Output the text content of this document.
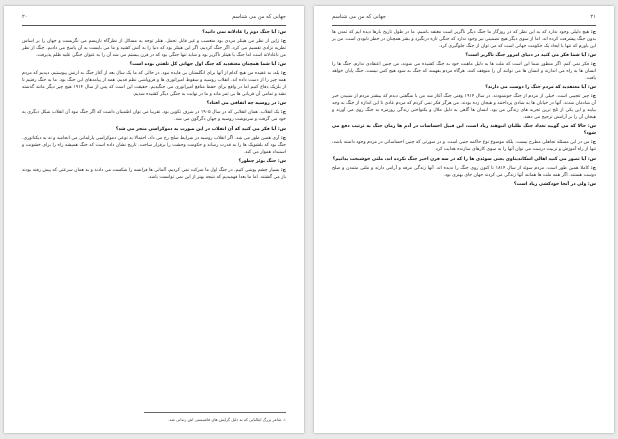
۲۰	جهانی که من می شناسم

س: آیا جنگ دوم را عادلانه نمی دانید؟

ج: ژاپن از نظر من هیتلر مردی بود متعصب و غیر قابل تحمل. هتلر توجه به مسائل از نظرگاه نازیسم می نگریست و جهان را بر اساس نظریه نژادی تقسیم می کرد. اگر جنگ کردیم، اگر این هیتلر بود که دنیا را به آتش کشید و ما می بایست به آن پاسخ می دادیم. جنگ از نظر من ناعادلانه است اما جنگ با هیتلر ناگزیر بود و شاید تنها جنگی بود که در قرن بیستم می شد آن را به عنوان جنگی علیه ظلم پذیرفت.

س: آیا شما همچنان معتقدید که جنگ اول جهانی کل تلفتی بوده است؟

ج: بله، به عقیده من هیچ کدام از آنها برای انگلستان بی فایده نبود. در حالی که ما یک سال بعد از آغاز جنگ به ارتش پیوستیم، دیدیم که مردم همه چیز را از دست داده اند. انقلاب روسیه و سقوط امپراتوری ها و فروپاشی نظم قدیم، همه از پیامدهای این جنگ بود. ما به جنگ رفتیم تا از بلژیک دفاع کنیم اما در واقع برای حفظ منافع امپراتوری می جنگیدیم. حقیقت این است که پس از سال ۱۹۱۴ هیچ چیز دیگر مانند گذشته نشد و تمامی آن قربانی ها بی ثمر ماند و ما در نهایت به جنگی دیگر کشیده شدیم.

س: در روسیه چه اتفاقی می افتاد؟

ج: یک انقلاب. همان انقلابی که در سال ۱۹۰۵ در شرف تکوین بود. تقریبا می توان اطمینان داشت که اگر جنگ نبود آن انقلاب شکل دیگری به خود می گرفت و سرنوشت روسیه و جهان دگرگون می شد.

س: آیا فکر می کنید که آن انقلاب در این صورت به دموکراسی منجر می شد؟

ج: آری همین طور می شد. اگر انقلاب روسیه در شرایط صلح رخ می داد، احتمالا به نوعی دموکراسی پارلمانی می انجامید و نه به دیکتاتوری. جنگ بود که بلشویک ها را به قدرت رساند و حکومت وحشت را برقرار ساخت. تاریخ نشان داده است که جنگ همیشه راه را برای خشونت و استبداد هموار می کند.

س: جنگ بوئر چطور؟

ج: بسیار چشم پوشی کنیم. در جنگ اول ما شرکت نمی کردیم، آلمانی ها فرانسه را شکست می دادند و به همان سرعتی که پیش رفته بودند باز می گشتند. اما ما بعدا فهمیدیم که نتیجه بهتر از این نمی توانست باشد.

۱. شاعر بزرگ ایتالیایی که به دلیل گرایش های فاشیستی اش زندانی شد.
جهانی که من می شناسم	۲۱

ج: هیچ دلیلی وجود ندارد که به این نظر که در روزگار ما جنگ دیگر ناگزیر است معتقد باشیم. ما در طول تاریخ بارها دیده ایم که تمدن ها بدون جنگ پیشرفت کرده اند. اما از سوی دیگر هیچ تضمینی نیز وجود ندارد که جنگی تازه درنگیرد و بشر همچنان در خطر نابودی است. من بر این باورم که تنها با ایجاد یک حکومت جهانی است که می توان از جنگ جلوگیری کرد.

س: آیا شما فکر می کنید در دنیای امروز جنگ ناگزیر است؟

ج: فکر نمی کنم. اگر منظور شما این است که ملت ها به دلیل ماهیت خود به جنگ کشیده می شوند، من چنین اعتقادی ندارم. جنگ ها را انسان ها به راه می اندازند و انسان ها می توانند آن را متوقف کنند. هرگاه مردم بفهمند که جنگ به سود هیچ کس نیست، جنگ پایان خواهد یافت.

س: آیا معتقدید که مردم جنگ را دوست می دارند؟

ج: چیز عجیبی است. خیلی از مردم از جنگ خوشنودند. در سال ۱۹۱۴ وقتی جنگ آغاز شد من با شگفتی دیدم که بیشتر مردم از شنیدن خبر آن شادمان شدند. آنها در خیابان ها به شادی پرداختند و هیجان زده بودند. من هرگز فکر نمی کردم که مردم عادی تا این اندازه از جنگ به وجد بیایند و این یکی از تلخ ترین تجربه های زندگی من بود. انسان ها گاهی به دلیل ملال و یکنواختی زندگی روزمره به جنگ روی می آورند و هیجان آن را بر آرامش ترجیح می دهند.

س: حالا که می گویید تعداد جنگ طلبان انبوهند زیاد است، این قبیل احساسات در آدم ها زمان جنگ به ترتیب دفع می شود؟

ج: من در این مسئله تجاهلی مطرح نیست. بلکه موضوع نوع حاکمه جنبی است. و در صورتی که چنین احساساتی در مردم وجود داشته باشد، تنها از راه آموزش و تربیت درست می توان آنها را به سوی کارهای سازنده هدایت کرد.

س: آیا تصور می کنید اهالی اسکاندیناوی یعنی سوئدی ها را که در سه قرن اخیر جنگ نکرده اند، ملتی خوشبخت بدانیم؟

ج: کاملا همین طور است. مردم سوئد از سال ۱۸۱۴ تا کنون روی جنگ را ندیده اند. آنها زندگی مرفه و آرامی دارند و ملتی متمدن و صلح دوست هستند. اگر همه ملت ها همانند آنها زندگی می کردند جهان جای بهتری بود.

س: ولی در آنجا خودکشی زیاد است؟
